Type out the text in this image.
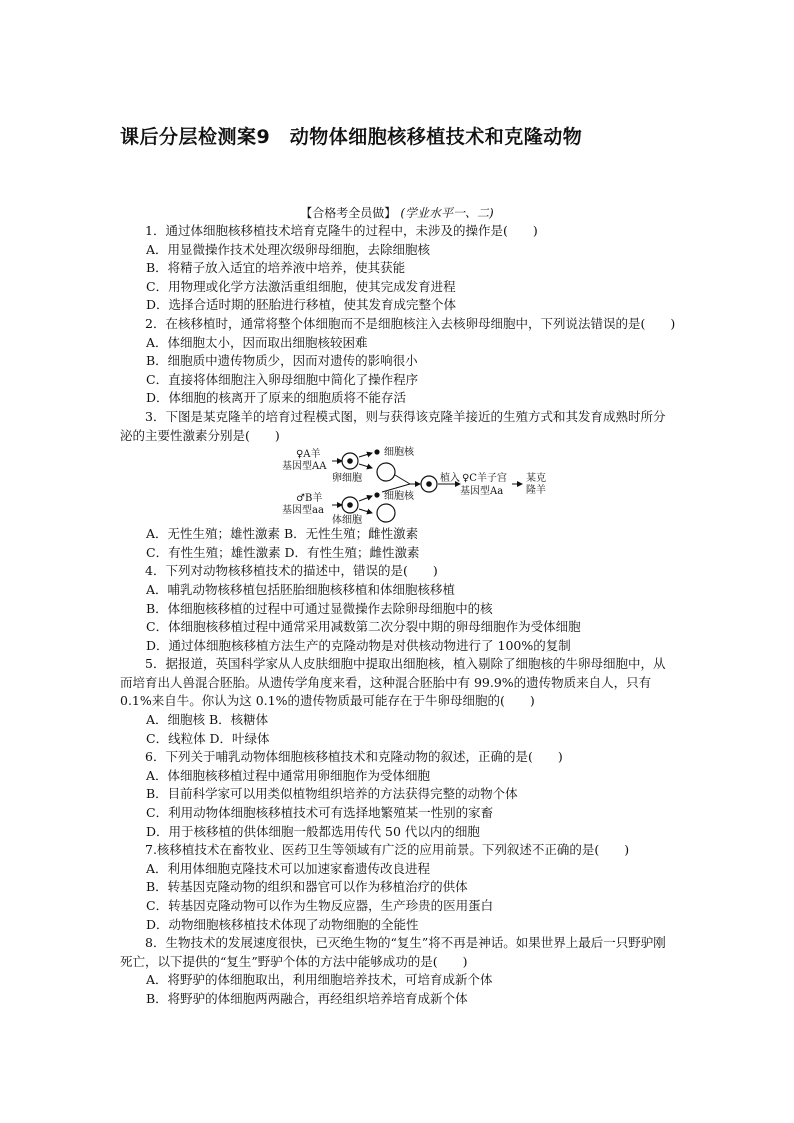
课后分层检测案9　动物体细胞核移植技术和克隆动物
【合格考全员做】 (学业水平一、二)

1．通过体细胞核移植技术培育克隆牛的过程中，未涉及的操作是(　　)

A．用显微操作技术处理次级卵母细胞，去除细胞核

B．将精子放入适宜的培养液中培养，使其获能

C．用物理或化学方法激活重组细胞，使其完成发育进程

D．选择合适时期的胚胎进行移植，使其发育成完整个体

2．在核移植时，通常将整个体细胞而不是细胞核注入去核卵母细胞中，下列说法错误的是(　　)

A．体细胞太小，因而取出细胞核较困难

B．细胞质中遗传物质少，因而对遗传的影响很小

C．直接将体细胞注入卵母细胞中简化了操作程序

D．体细胞的核离开了原来的细胞质将不能存活

3．下图是某克隆羊的培育过程模式图，则与获得该克隆羊接近的生殖方式和其发育成熟时所分泌的主要性激素分别是(　　)

♀A羊
基因型AA
卵细胞
细胞核
♂B羊
基因型aa
体细胞
细胞核
植入 ♀C羊子宫
基因型Aa
某克
隆羊

A．无性生殖；雄性激素 B．无性生殖；雌性激素

C．有性生殖；雄性激素 D．有性生殖；雌性激素

4．下列对动物核移植技术的描述中，错误的是(　　)

A．哺乳动物核移植包括胚胎细胞核移植和体细胞核移植

B．体细胞核移植的过程中可通过显微操作去除卵母细胞中的核

C．体细胞核移植过程中通常采用减数第二次分裂中期的卵母细胞作为受体细胞

D．通过体细胞核移植方法生产的克隆动物是对供核动物进行了 100%的复制

5．据报道，英国科学家从人皮肤细胞中提取出细胞核，植入剔除了细胞核的牛卵母细胞中，从而培育出人兽混合胚胎。从遗传学角度来看，这种混合胚胎中有 99.9%的遗传物质来自人，只有 0.1%来自牛。你认为这 0.1%的遗传物质最可能存在于牛卵母细胞的(　　)

A．细胞核 B．核糖体

C．线粒体 D．叶绿体

6．下列关于哺乳动物体细胞核移植技术和克隆动物的叙述，正确的是(　　)

A．体细胞核移植过程中通常用卵细胞作为受体细胞

B．目前科学家可以用类似植物组织培养的方法获得完整的动物个体

C．利用动物体细胞核移植技术可有选择地繁殖某一性别的家畜

D．用于核移植的供体细胞一般都选用传代 50 代以内的细胞

7.核移植技术在畜牧业、医药卫生等领域有广泛的应用前景。下列叙述不正确的是(　　)

A．利用体细胞克隆技术可以加速家畜遗传改良进程

B．转基因克隆动物的组织和器官可以作为移植治疗的供体

C．转基因克隆动物可以作为生物反应器，生产珍贵的医用蛋白

D．动物细胞核移植技术体现了动物细胞的全能性

8．生物技术的发展速度很快，已灭绝生物的“复生”将不再是神话。如果世界上最后一只野驴刚死亡，以下提供的“复生”野驴个体的方法中能够成功的是(　　)

A．将野驴的体细胞取出，利用细胞培养技术，可培育成新个体

B．将野驴的体细胞两两融合，再经组织培养培育成新个体
